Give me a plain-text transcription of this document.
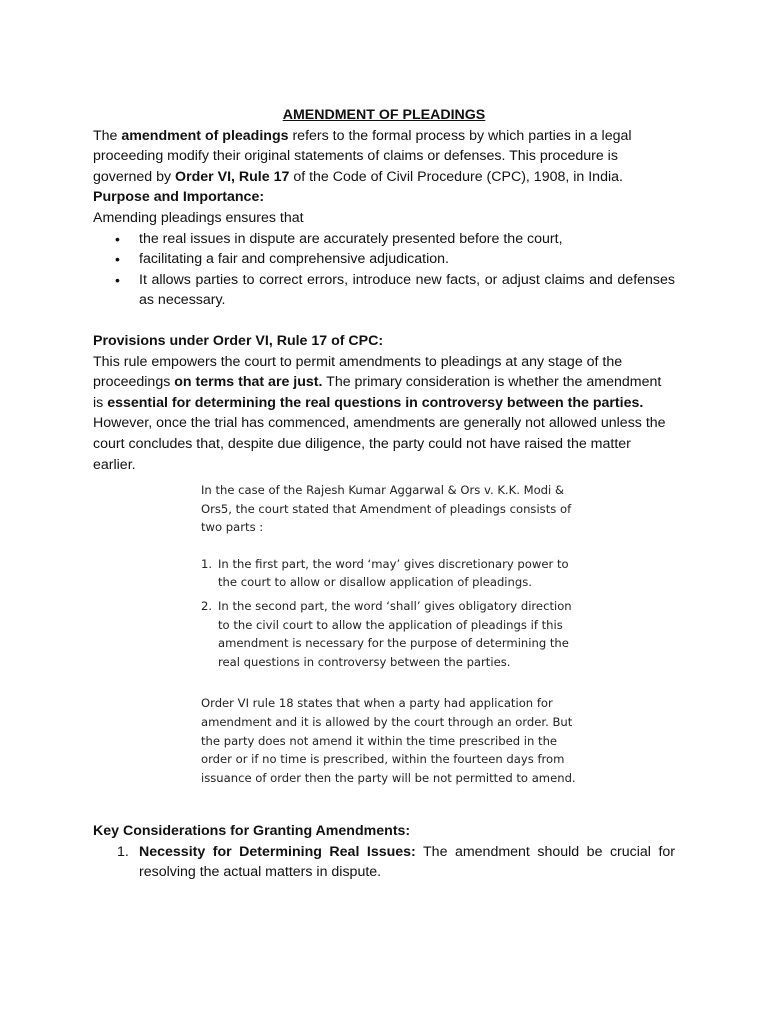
AMENDMENT OF PLEADINGS

The amendment of pleadings refers to the formal process by which parties in a legal proceeding modify their original statements of claims or defenses. This procedure is governed by Order VI, Rule 17 of the Code of Civil Procedure (CPC), 1908, in India.

Purpose and Importance:

Amending pleadings ensures that

• the real issues in dispute are accurately presented before the court,
• facilitating a fair and comprehensive adjudication.
• It allows parties to correct errors, introduce new facts, or adjust claims and defenses as necessary.

Provisions under Order VI, Rule 17 of CPC:

This rule empowers the court to permit amendments to pleadings at any stage of the proceedings on terms that are just. The primary consideration is whether the amendment is essential for determining the real questions in controversy between the parties. However, once the trial has commenced, amendments are generally not allowed unless the court concludes that, despite due diligence, the party could not have raised the matter earlier.

In the case of the Rajesh Kumar Aggarwal & Ors v. K.K. Modi & Ors5, the court stated that Amendment of pleadings consists of two parts :

1. In the first part, the word ‘may’ gives discretionary power to the court to allow or disallow application of pleadings.
2. In the second part, the word ‘shall’ gives obligatory direction to the civil court to allow the application of pleadings if this amendment is necessary for the purpose of determining the real questions in controversy between the parties.

Order VI rule 18 states that when a party had application for amendment and it is allowed by the court through an order. But the party does not amend it within the time prescribed in the order or if no time is prescribed, within the fourteen days from issuance of order then the party will be not permitted to amend.

Key Considerations for Granting Amendments:

1. Necessity for Determining Real Issues: The amendment should be crucial for resolving the actual matters in dispute.
